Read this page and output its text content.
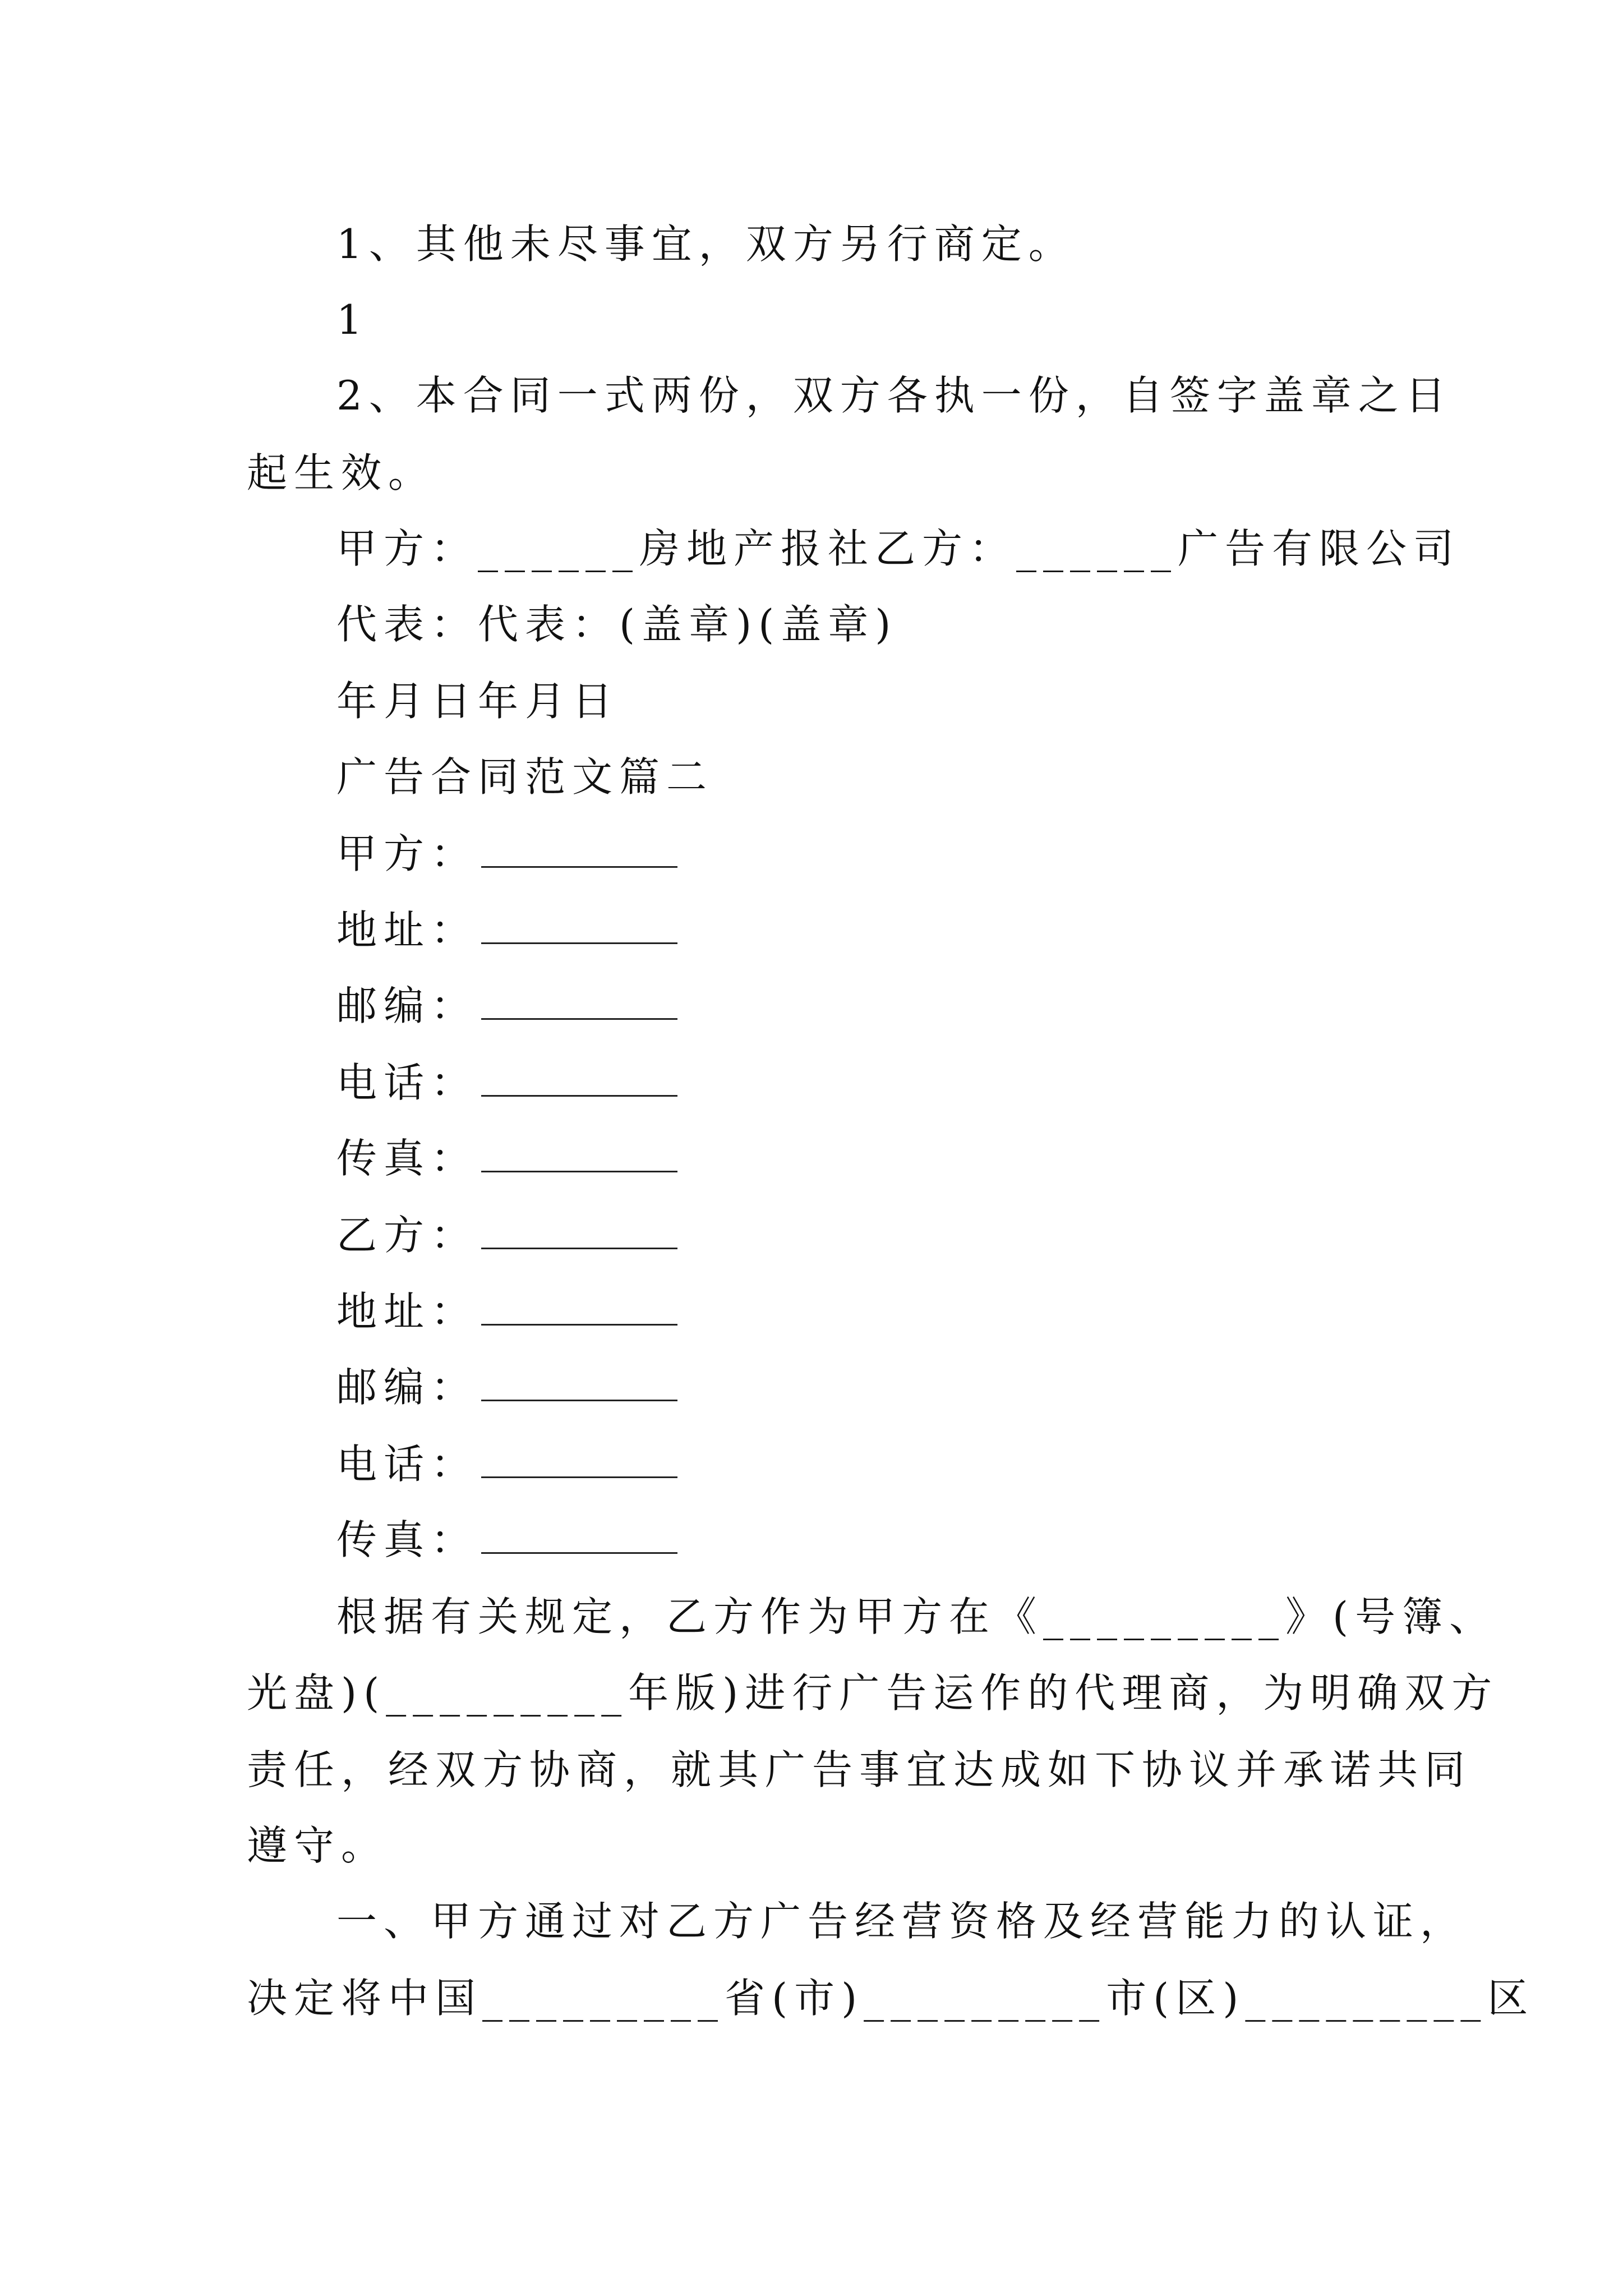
1、其他未尽事宜，双方另行商定。
1
2、本合同一式两份，双方各执一份，自签字盖章之日
起生效。
甲方：______房地产报社乙方：______广告有限公司
代表：代表：(盖章)(盖章)
年月日年月日
广告合同范文篇二
甲方：
地址：
邮编：
电话：
传真：
乙方：
地址：
邮编：
电话：
传真：
根据有关规定，乙方作为甲方在《_________》(号簿、
光盘)(_________年版)进行广告运作的代理商，为明确双方
责任，经双方协商，就其广告事宜达成如下协议并承诺共同
遵守。
一、甲方通过对乙方广告经营资格及经营能力的认证，
决定将中国_________省(市)_________市(区)_________区
